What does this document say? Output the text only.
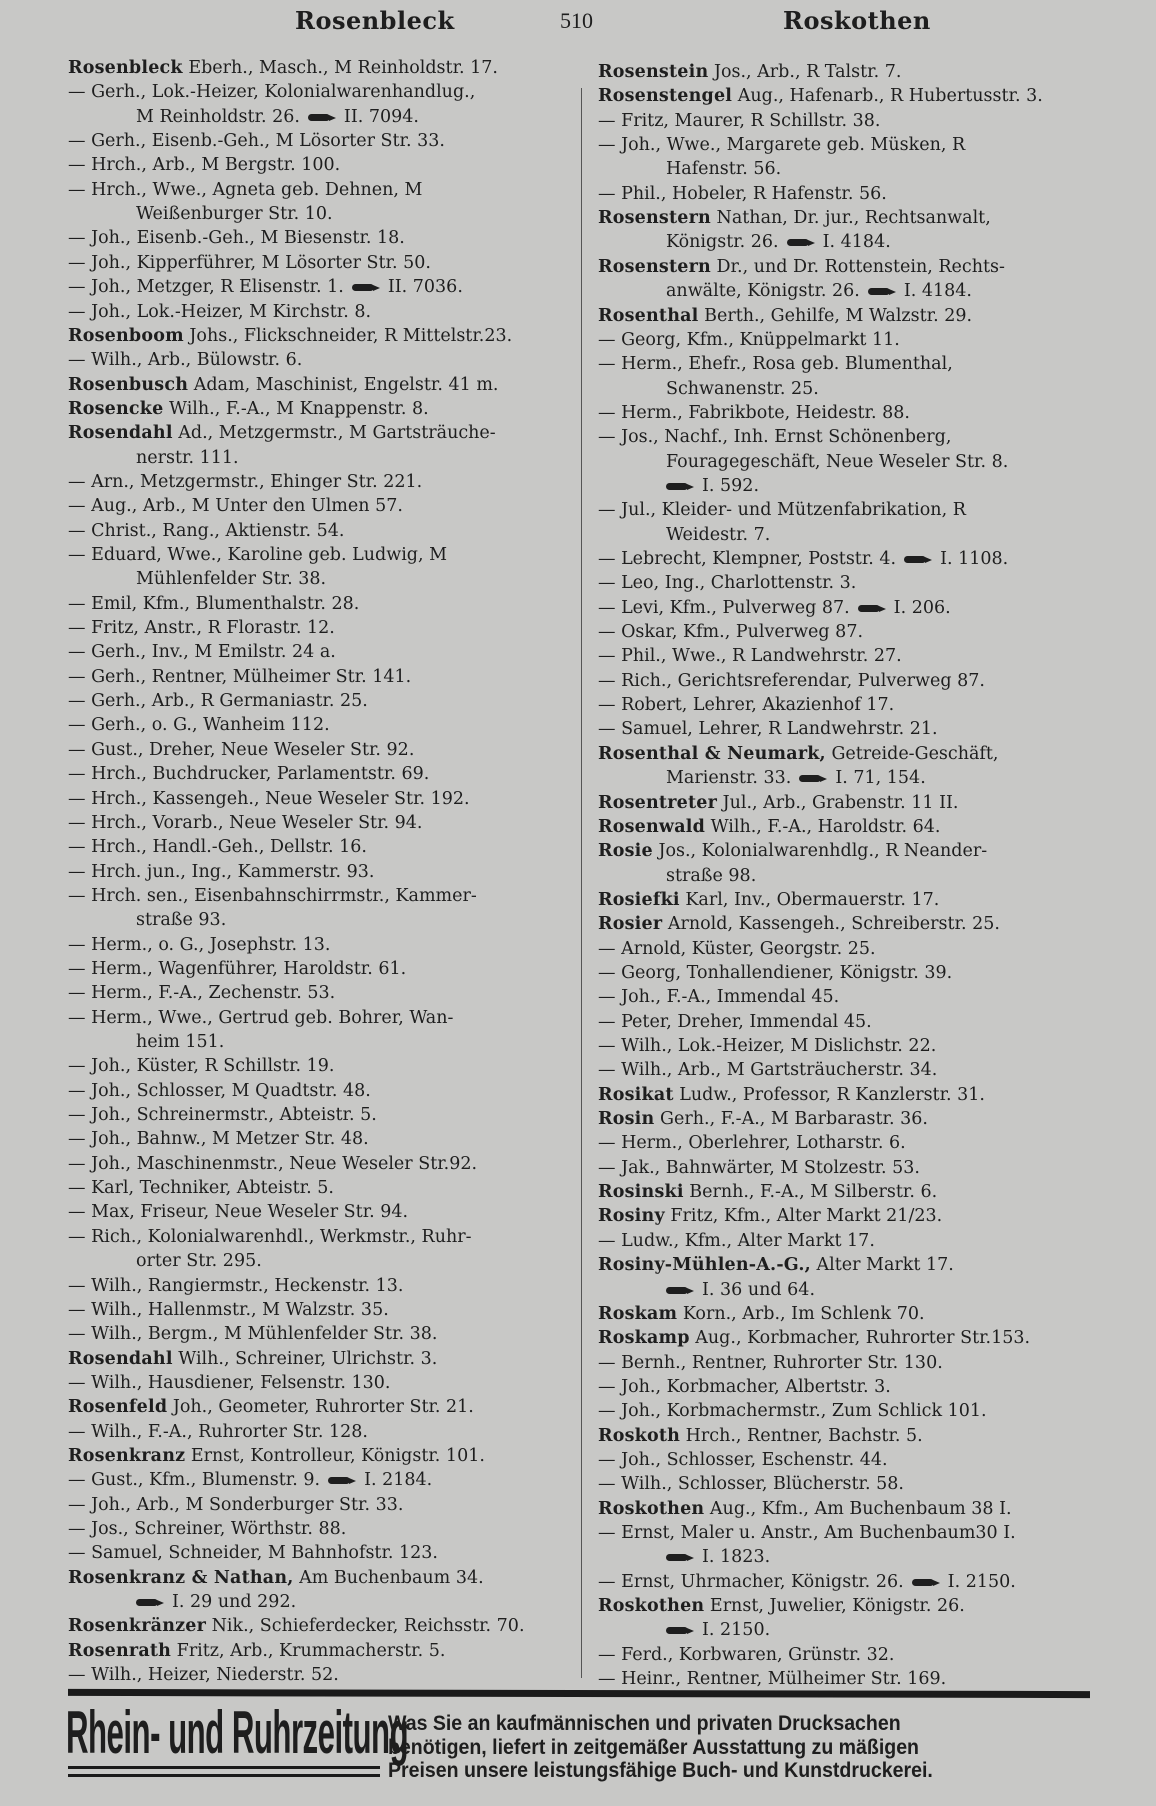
Rosenbleck	510	Roskothen
Rosenbleck Eberh., Masch., M Reinholdstr. 17.
— Gerh., Lok.-Heizer, Kolonialwarenhandlug.,
M Reinholdstr. 26.	II. 7094.
— Gerh., Eisenb.-Geh., M Lösorter Str. 33.
— Hrch., Arb., M Bergstr. 100.
— Hrch., Wwe., Agneta geb. Dehnen, M
Weißenburger Str. 10.
— Joh., Eisenb.-Geh., M Biesenstr. 18.
— Joh., Kipperführer, M Lösorter Str. 50.
— Joh., Metzger, R Elisenstr. 1.	II. 7036.
— Joh., Lok.-Heizer, M Kirchstr. 8.
Rosenboom Johs., Flickschneider, R Mittelstr.23.
— Wilh., Arb., Bülowstr. 6.
Rosenbusch Adam, Maschinist, Engelstr. 41 m.
Rosencke Wilh., F.-A., M Knappenstr. 8.
Rosendahl Ad., Metzgermstr., M Gartsträuche-
nerstr. 111.
— Arn., Metzgermstr., Ehinger Str. 221.
— Aug., Arb., M Unter den Ulmen 57.
— Christ., Rang., Aktienstr. 54.
— Eduard, Wwe., Karoline geb. Ludwig, M
Mühlenfelder Str. 38.
— Emil, Kfm., Blumenthalstr. 28.
— Fritz, Anstr., R Florastr. 12.
— Gerh., Inv., M Emilstr. 24 a.
— Gerh., Rentner, Mülheimer Str. 141.
— Gerh., Arb., R Germaniastr. 25.
— Gerh., o. G., Wanheim 112.
— Gust., Dreher, Neue Weseler Str. 92.
— Hrch., Buchdrucker, Parlamentstr. 69.
— Hrch., Kassengeh., Neue Weseler Str. 192.
— Hrch., Vorarb., Neue Weseler Str. 94.
— Hrch., Handl.-Geh., Dellstr. 16.
— Hrch. jun., Ing., Kammerstr. 93.
— Hrch. sen., Eisenbahnschirrmstr., Kammer-
straße 93.
— Herm., o. G., Josephstr. 13.
— Herm., Wagenführer, Haroldstr. 61.
— Herm., F.-A., Zechenstr. 53.
— Herm., Wwe., Gertrud geb. Bohrer, Wan-
heim 151.
— Joh., Küster, R Schillstr. 19.
— Joh., Schlosser, M Quadtstr. 48.
— Joh., Schreinermstr., Abteistr. 5.
— Joh., Bahnw., M Metzer Str. 48.
— Joh., Maschinenmstr., Neue Weseler Str.92.
— Karl, Techniker, Abteistr. 5.
— Max, Friseur, Neue Weseler Str. 94.
— Rich., Kolonialwarenhdl., Werkmstr., Ruhr-
orter Str. 295.
— Wilh., Rangiermstr., Heckenstr. 13.
— Wilh., Hallenmstr., M Walzstr. 35.
— Wilh., Bergm., M Mühlenfelder Str. 38.
Rosendahl Wilh., Schreiner, Ulrichstr. 3.
— Wilh., Hausdiener, Felsenstr. 130.
Rosenfeld Joh., Geometer, Ruhrorter Str. 21.
— Wilh., F.-A., Ruhrorter Str. 128.
Rosenkranz Ernst, Kontrolleur, Königstr. 101.
— Gust., Kfm., Blumenstr. 9.	I. 2184.
— Joh., Arb., M Sonderburger Str. 33.
— Jos., Schreiner, Wörthstr. 88.
— Samuel, Schneider, M Bahnhofstr. 123.
Rosenkranz & Nathan, Am Buchenbaum 34.
I. 29 und 292.
Rosenkränzer Nik., Schieferdecker, Reichsstr. 70.
Rosenrath Fritz, Arb., Krummacherstr. 5.
— Wilh., Heizer, Niederstr. 52.
Rosenstein Jos., Arb., R Talstr. 7.
Rosenstengel Aug., Hafenarb., R Hubertusstr. 3.
— Fritz, Maurer, R Schillstr. 38.
— Joh., Wwe., Margarete geb. Müsken, R
Hafenstr. 56.
— Phil., Hobeler, R Hafenstr. 56.
Rosenstern Nathan, Dr. jur., Rechtsanwalt,
Königstr. 26.	I. 4184.
Rosenstern Dr., und Dr. Rottenstein, Rechts-
anwälte, Königstr. 26.	I. 4184.
Rosenthal Berth., Gehilfe, M Walzstr. 29.
— Georg, Kfm., Knüppelmarkt 11.
— Herm., Ehefr., Rosa geb. Blumenthal,
Schwanenstr. 25.
— Herm., Fabrikbote, Heidestr. 88.
— Jos., Nachf., Inh. Ernst Schönenberg,
Fouragegeschäft, Neue Weseler Str. 8.
I. 592.
— Jul., Kleider- und Mützenfabrikation, R
Weidestr. 7.
— Lebrecht, Klempner, Poststr. 4.	I. 1108.
— Leo, Ing., Charlottenstr. 3.
— Levi, Kfm., Pulverweg 87.	I. 206.
— Oskar, Kfm., Pulverweg 87.
— Phil., Wwe., R Landwehrstr. 27.
— Rich., Gerichtsreferendar, Pulverweg 87.
— Robert, Lehrer, Akazienhof 17.
— Samuel, Lehrer, R Landwehrstr. 21.
Rosenthal & Neumark, Getreide-Geschäft,
Marienstr. 33.	I. 71, 154.
Rosentreter Jul., Arb., Grabenstr. 11 II.
Rosenwald Wilh., F.-A., Haroldstr. 64.
Rosie Jos., Kolonialwarenhdlg., R Neander-
straße 98.
Rosiefki Karl, Inv., Obermauerstr. 17.
Rosier Arnold, Kassengeh., Schreiberstr. 25.
— Arnold, Küster, Georgstr. 25.
— Georg, Tonhallendiener, Königstr. 39.
— Joh., F.-A., Immendal 45.
— Peter, Dreher, Immendal 45.
— Wilh., Lok.-Heizer, M Dislichstr. 22.
— Wilh., Arb., M Gartsträucherstr. 34.
Rosikat Ludw., Professor, R Kanzlerstr. 31.
Rosin Gerh., F.-A., M Barbarastr. 36.
— Herm., Oberlehrer, Lotharstr. 6.
— Jak., Bahnwärter, M Stolzestr. 53.
Rosinski Bernh., F.-A., M Silberstr. 6.
Rosiny Fritz, Kfm., Alter Markt 21/23.
— Ludw., Kfm., Alter Markt 17.
Rosiny-Mühlen-A.-G., Alter Markt 17.
I. 36 und 64.
Roskam Korn., Arb., Im Schlenk 70.
Roskamp Aug., Korbmacher, Ruhrorter Str.153.
— Bernh., Rentner, Ruhrorter Str. 130.
— Joh., Korbmacher, Albertstr. 3.
— Joh., Korbmachermstr., Zum Schlick 101.
Roskoth Hrch., Rentner, Bachstr. 5.
— Joh., Schlosser, Eschenstr. 44.
— Wilh., Schlosser, Blücherstr. 58.
Roskothen Aug., Kfm., Am Buchenbaum 38 I.
— Ernst, Maler u. Anstr., Am Buchenbaum30 I.
I. 1823.
— Ernst, Uhrmacher, Königstr. 26.	I. 2150.
Roskothen Ernst, Juwelier, Königstr. 26.
I. 2150.
— Ferd., Korbwaren, Grünstr. 32.
— Heinr., Rentner, Mülheimer Str. 169.
Rhein- und Ruhrzeitung
Was Sie an kaufmännischen und privaten Drucksachen
benötigen, liefert in zeitgemäßer Ausstattung zu mäßigen
Preisen unsere leistungsfähige Buch- und Kunstdruckerei.
